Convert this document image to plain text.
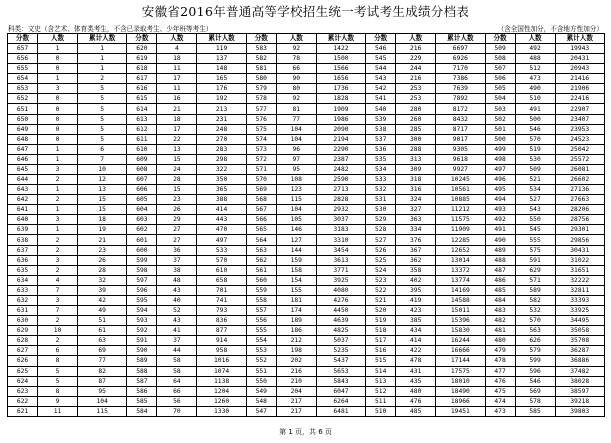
安徽省2016年普通高等学校招生统一考试考生成绩分档表
科类：文史（含艺术、体育类考生，不含已录取考生、少年班等考生）	（含全国性加分，不含地方性加分）
分数	人数	累计人数	分数	人数	累计人数	分数	人数	累计人数	分数	人数	累计人数	分数	人数	累计人数
657	1	1	620	4	119	583	92	1422	546	216	6697	509	492	19943
656	0	1	619	18	137	582	78	1500	545	229	6926	508	488	20431
655	0	1	618	11	148	581	66	1566	544	244	7170	507	512	20943
654	1	2	617	17	165	580	90	1656	543	216	7386	506	473	21416
653	3	5	616	11	176	579	80	1736	542	253	7639	505	490	21906
652	0	5	615	16	192	578	92	1828	541	253	7892	504	510	22416
651	0	5	614	21	213	577	81	1909	540	280	8172	503	491	22907
650	0	5	613	18	231	576	77	1986	539	260	8432	502	500	23407
649	0	5	612	17	248	575	104	2090	538	285	8717	501	546	23953
648	0	5	611	22	270	574	104	2194	537	300	9017	500	570	24523
647	1	6	610	13	283	573	96	2290	536	288	9305	499	519	25042
646	1	7	609	15	298	572	97	2387	535	313	9618	498	530	25572
645	3	10	608	24	322	571	95	2482	534	309	9927	497	509	26081
644	2	12	607	28	350	570	108	2590	533	318	10245	496	521	26602
643	1	13	606	15	365	569	123	2713	532	316	10561	495	534	27136
642	2	15	605	23	388	568	115	2828	531	324	10885	494	527	27663
641	1	15	604	26	414	567	104	2932	530	327	11212	493	543	28206
640	3	18	603	29	443	566	105	3037	529	363	11575	492	550	28756
639	1	19	602	27	470	565	146	3183	528	334	11909	491	545	29301
638	2	21	601	27	497	564	127	3310	527	376	12285	490	555	29856
637	2	23	600	36	533	563	144	3454	526	367	12652	489	575	30431
636	3	26	599	37	570	562	159	3613	525	362	13014	488	591	31022
635	2	28	598	38	610	561	158	3771	524	358	13372	487	629	31651
634	4	32	597	48	658	560	154	3925	523	402	13774	486	571	32222
633	7	39	596	43	701	559	155	4080	522	395	14169	485	589	32811
632	3	42	595	40	741	558	181	4276	521	419	14588	484	582	33393
631	7	49	594	52	793	557	174	4450	520	423	15011	483	532	33925
630	2	51	593	43	836	556	189	4639	519	385	15396	482	570	34495
629	10	61	592	41	877	555	186	4825	518	434	15830	481	563	35058
628	2	63	591	37	914	554	212	5037	517	414	16244	480	626	35708
627	6	69	590	44	958	553	198	5235	516	422	16666	479	579	36287
626	8	77	589	58	1016	552	202	5437	515	478	17144	478	599	36886
625	5	82	588	58	1074	551	216	5653	514	431	17575	477	596	37482
624	5	87	587	64	1138	550	210	5843	513	435	18010	476	546	38028
623	8	95	586	66	1204	549	204	6047	512	480	18490	475	569	38597
622	9	104	585	56	1260	548	217	6264	511	476	18966	474	578	39218
621	11	115	584	70	1330	547	217	6481	510	485	19451	473	585	39803
第 1 页，共 6 页
